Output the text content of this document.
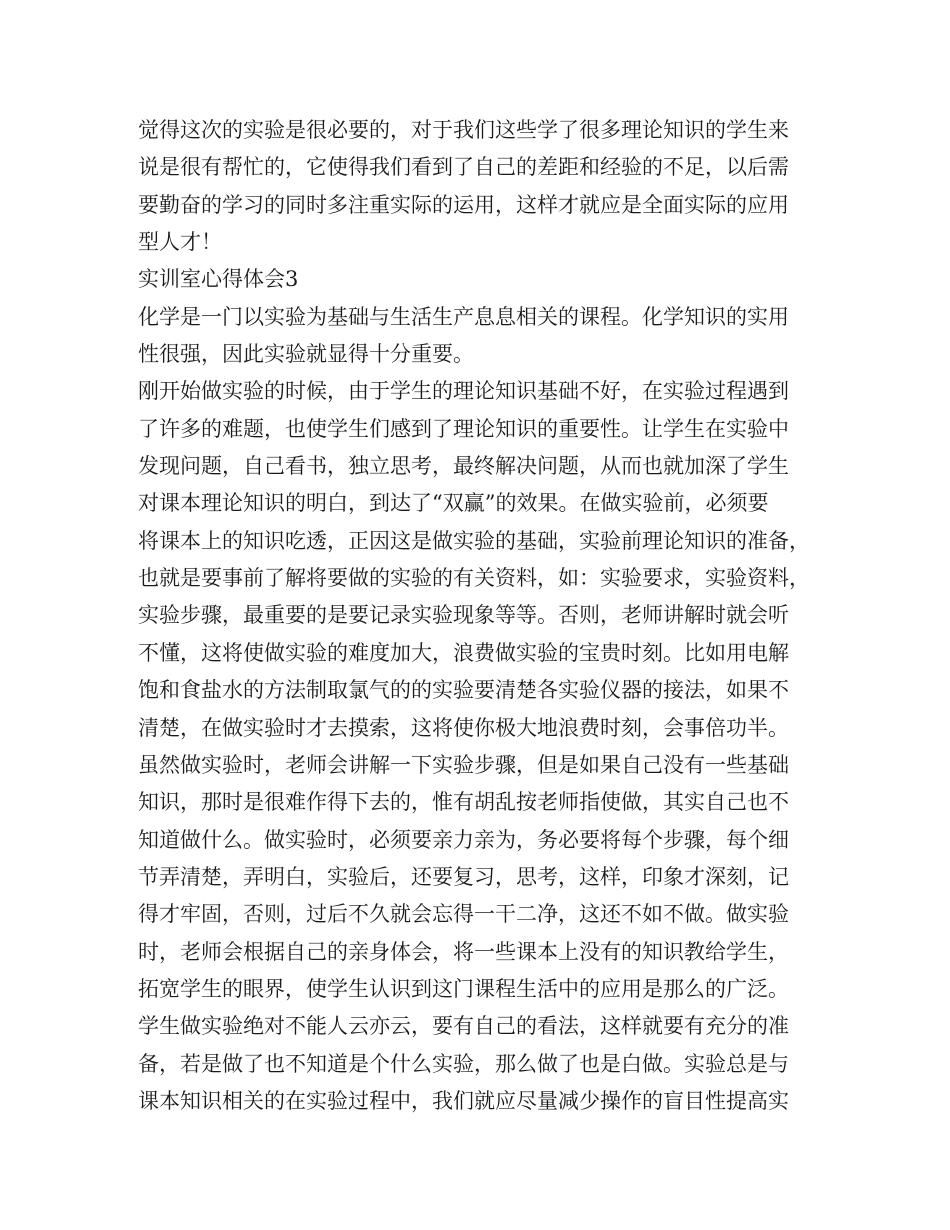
觉得这次的实验是很必要的，对于我们这些学了很多理论知识的学生来
说是很有帮忙的，它使得我们看到了自己的差距和经验的不足，以后需
要勤奋的学习的同时多注重实际的运用，这样才就应是全面实际的应用
型人才！
实训室心得体会3
化学是一门以实验为基础与生活生产息息相关的课程。化学知识的实用
性很强，因此实验就显得十分重要。
刚开始做实验的时候，由于学生的理论知识基础不好，在实验过程遇到
了许多的难题，也使学生们感到了理论知识的重要性。让学生在实验中
发现问题，自己看书，独立思考，最终解决问题，从而也就加深了学生
对课本理论知识的明白，到达了“双赢”的效果。在做实验前，必须要
将课本上的知识吃透，正因这是做实验的基础，实验前理论知识的准备，
也就是要事前了解将要做的实验的有关资料，如：实验要求，实验资料，
实验步骤，最重要的是要记录实验现象等等。否则，老师讲解时就会听
不懂，这将使做实验的难度加大，浪费做实验的宝贵时刻。比如用电解
饱和食盐水的方法制取氯气的的实验要清楚各实验仪器的接法，如果不
清楚，在做实验时才去摸索，这将使你极大地浪费时刻，会事倍功半。
虽然做实验时，老师会讲解一下实验步骤，但是如果自己没有一些基础
知识，那时是很难作得下去的，惟有胡乱按老师指使做，其实自己也不
知道做什么。做实验时，必须要亲力亲为，务必要将每个步骤，每个细
节弄清楚，弄明白，实验后，还要复习，思考，这样，印象才深刻，记
得才牢固，否则，过后不久就会忘得一干二净，这还不如不做。做实验
时，老师会根据自己的亲身体会，将一些课本上没有的知识教给学生，
拓宽学生的眼界，使学生认识到这门课程生活中的应用是那么的广泛。
学生做实验绝对不能人云亦云，要有自己的看法，这样就要有充分的准
备，若是做了也不知道是个什么实验，那么做了也是白做。实验总是与
课本知识相关的在实验过程中，我们就应尽量减少操作的盲目性提高实
